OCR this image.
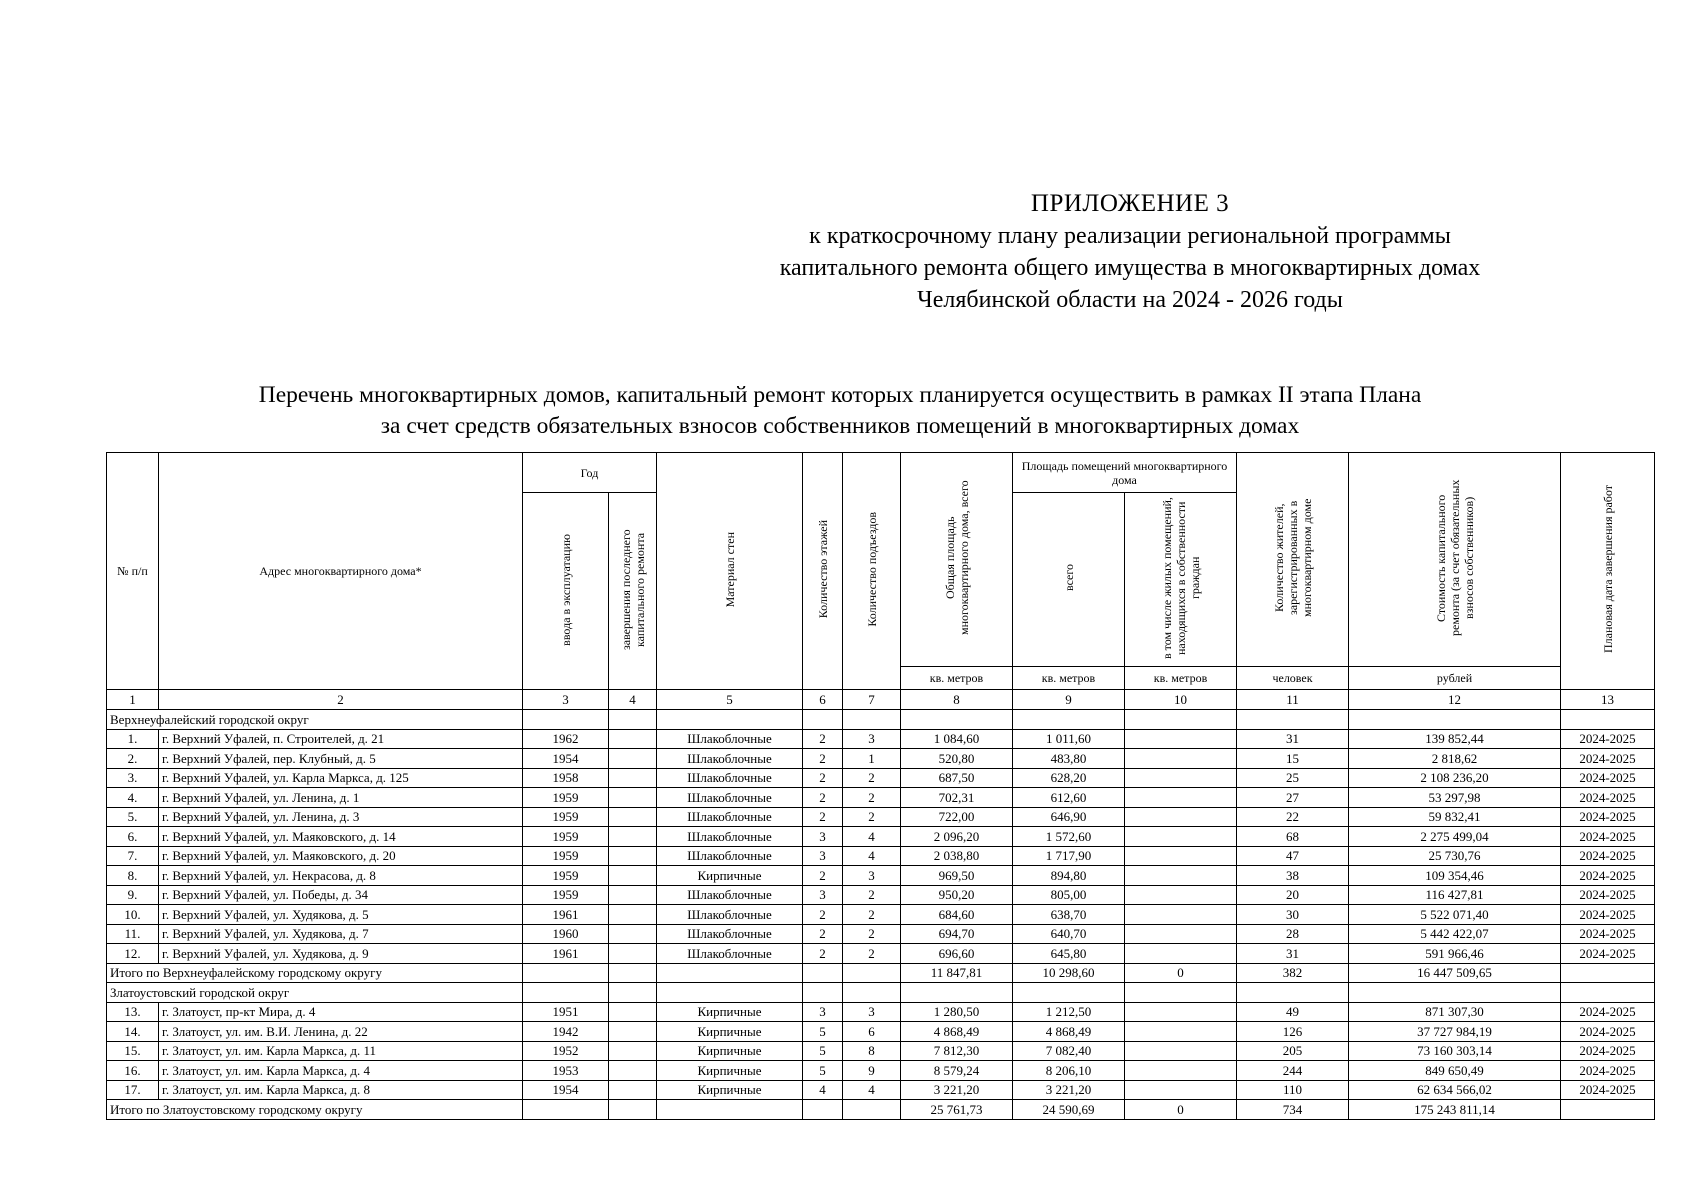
ПРИЛОЖЕНИЕ 3
к краткосрочному плану реализации региональной программы
капитального ремонта общего имущества в многоквартирных домах
Челябинской области на 2024 - 2026 годы
Перечень многоквартирных домов, капитальный ремонт которых планируется осуществить в рамках II этапа Плана
за счет средств обязательных взносов собственников помещений в многоквартирных домах
№ п/п	Адрес многоквартирного дома*	Год		Материал стен	Количество этажей	Количество подъездов	Общая площадь многоквартирного дома, всего	Площадь помещений многоквартирного дома		Количество жителей, зарегистрированных в многоквартирном доме	Стоимость капитального ремонта (за счет обязательных взносов собственников)	Плановая дата завершения работ
		ввода в эксплуатацию	завершения последнего капитального ремонта					всего	в том числе жилых помещений, находящихся в собственности граждан			
							кв. метров	кв. метров	кв. метров	человек	рублей	
1	2	3	4	5	6	7	8	9	10	11	12	13
Верхнеуфалейский городской округ												
1.	г. Верхний Уфалей, п. Строителей, д. 21	1962		Шлакоблочные	2	3	1 084,60	1 011,60		31	139 852,44	2024-2025
2.	г. Верхний Уфалей, пер. Клубный, д. 5	1954		Шлакоблочные	2	1	520,80	483,80		15	2 818,62	2024-2025
3.	г. Верхний Уфалей, ул. Карла Маркса, д. 125	1958		Шлакоблочные	2	2	687,50	628,20		25	2 108 236,20	2024-2025
4.	г. Верхний Уфалей, ул. Ленина, д. 1	1959		Шлакоблочные	2	2	702,31	612,60		27	53 297,98	2024-2025
5.	г. Верхний Уфалей, ул. Ленина, д. 3	1959		Шлакоблочные	2	2	722,00	646,90		22	59 832,41	2024-2025
6.	г. Верхний Уфалей, ул. Маяковского, д. 14	1959		Шлакоблочные	3	4	2 096,20	1 572,60		68	2 275 499,04	2024-2025
7.	г. Верхний Уфалей, ул. Маяковского, д. 20	1959		Шлакоблочные	3	4	2 038,80	1 717,90		47	25 730,76	2024-2025
8.	г. Верхний Уфалей, ул. Некрасова, д. 8	1959		Кирпичные	2	3	969,50	894,80		38	109 354,46	2024-2025
9.	г. Верхний Уфалей, ул. Победы, д. 34	1959		Шлакоблочные	3	2	950,20	805,00		20	116 427,81	2024-2025
10.	г. Верхний Уфалей, ул. Худякова, д. 5	1961		Шлакоблочные	2	2	684,60	638,70		30	5 522 071,40	2024-2025
11.	г. Верхний Уфалей, ул. Худякова, д. 7	1960		Шлакоблочные	2	2	694,70	640,70		28	5 442 422,07	2024-2025
12.	г. Верхний Уфалей, ул. Худякова, д. 9	1961		Шлакоблочные	2	2	696,60	645,80		31	591 966,46	2024-2025
Итого по Верхнеуфалейскому городскому округу							11 847,81	10 298,60	0	382	16 447 509,65	
Златоустовский городской округ												
13.	г. Златоуст, пр-кт Мира, д. 4	1951		Кирпичные	3	3	1 280,50	1 212,50		49	871 307,30	2024-2025
14.	г. Златоуст, ул. им. В.И. Ленина, д. 22	1942		Кирпичные	5	6	4 868,49	4 868,49		126	37 727 984,19	2024-2025
15.	г. Златоуст, ул. им. Карла Маркса, д. 11	1952		Кирпичные	5	8	7 812,30	7 082,40		205	73 160 303,14	2024-2025
16.	г. Златоуст, ул. им. Карла Маркса, д. 4	1953		Кирпичные	5	9	8 579,24	8 206,10		244	849 650,49	2024-2025
17.	г. Златоуст, ул. им. Карла Маркса, д. 8	1954		Кирпичные	4	4	3 221,20	3 221,20		110	62 634 566,02	2024-2025
Итого по Златоустовскому городскому округу							25 761,73	24 590,69	0	734	175 243 811,14	
